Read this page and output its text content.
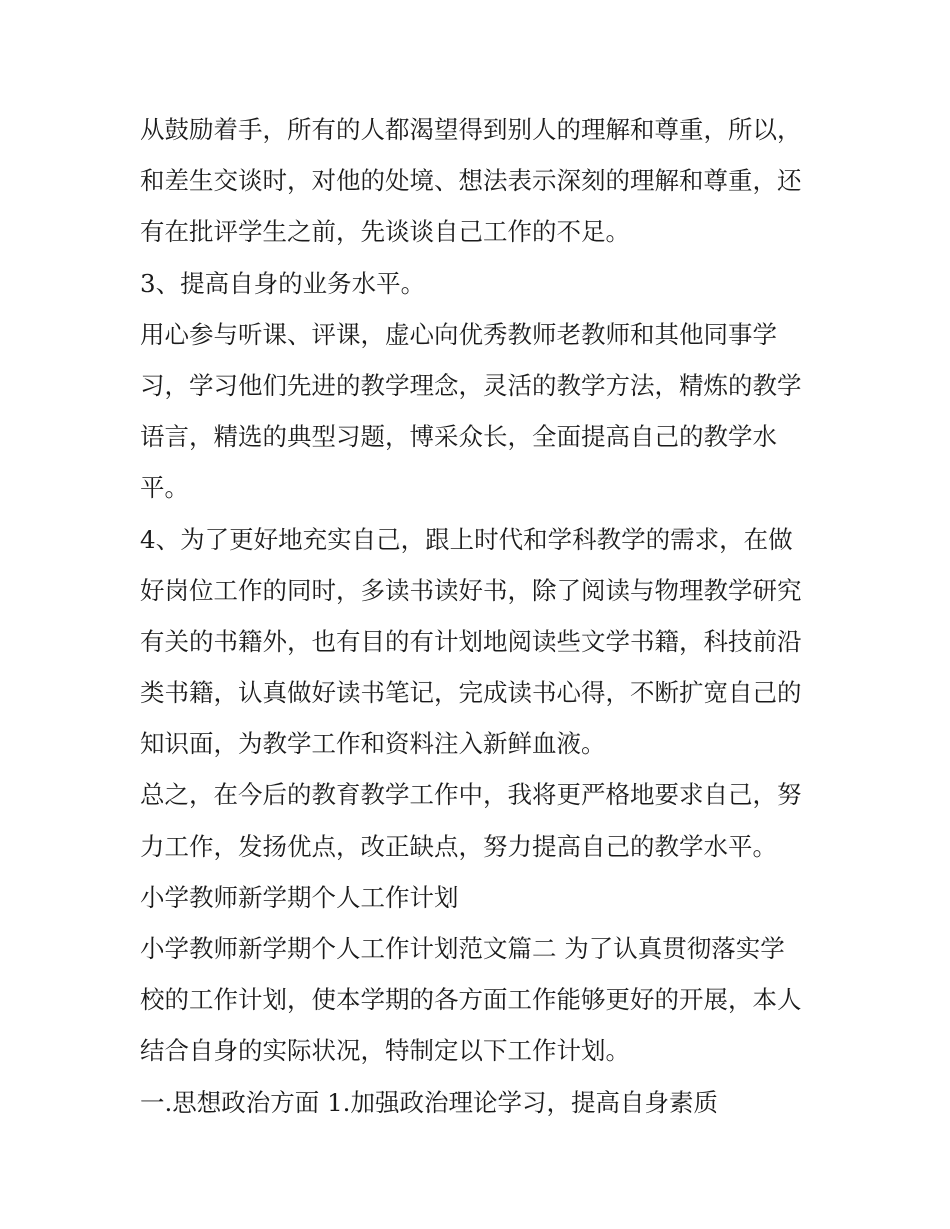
从鼓励着手，所有的人都渴望得到别人的理解和尊重，所以，
和差生交谈时，对他的处境、想法表示深刻的理解和尊重，还
有在批评学生之前，先谈谈自己工作的不足。

3、提高自身的业务水平。

用心参与听课、评课，虚心向优秀教师老教师和其他同事学
习，学习他们先进的教学理念，灵活的教学方法，精炼的教学
语言，精选的典型习题，博采众长，全面提高自己的教学水
平。

4、为了更好地充实自己，跟上时代和学科教学的需求，在做
好岗位工作的同时，多读书读好书，除了阅读与物理教学研究
有关的书籍外，也有目的有计划地阅读些文学书籍，科技前沿
类书籍，认真做好读书笔记，完成读书心得，不断扩宽自己的
知识面，为教学工作和资料注入新鲜血液。

总之，在今后的教育教学工作中，我将更严格地要求自己，努
力工作，发扬优点，改正缺点，努力提高自己的教学水平。

小学教师新学期个人工作计划

小学教师新学期个人工作计划范文篇二 为了认真贯彻落实学
校的工作计划，使本学期的各方面工作能够更好的开展，本人
结合自身的实际状况，特制定以下工作计划。

一.思想政治方面 1.加强政治理论学习，提高自身素质
